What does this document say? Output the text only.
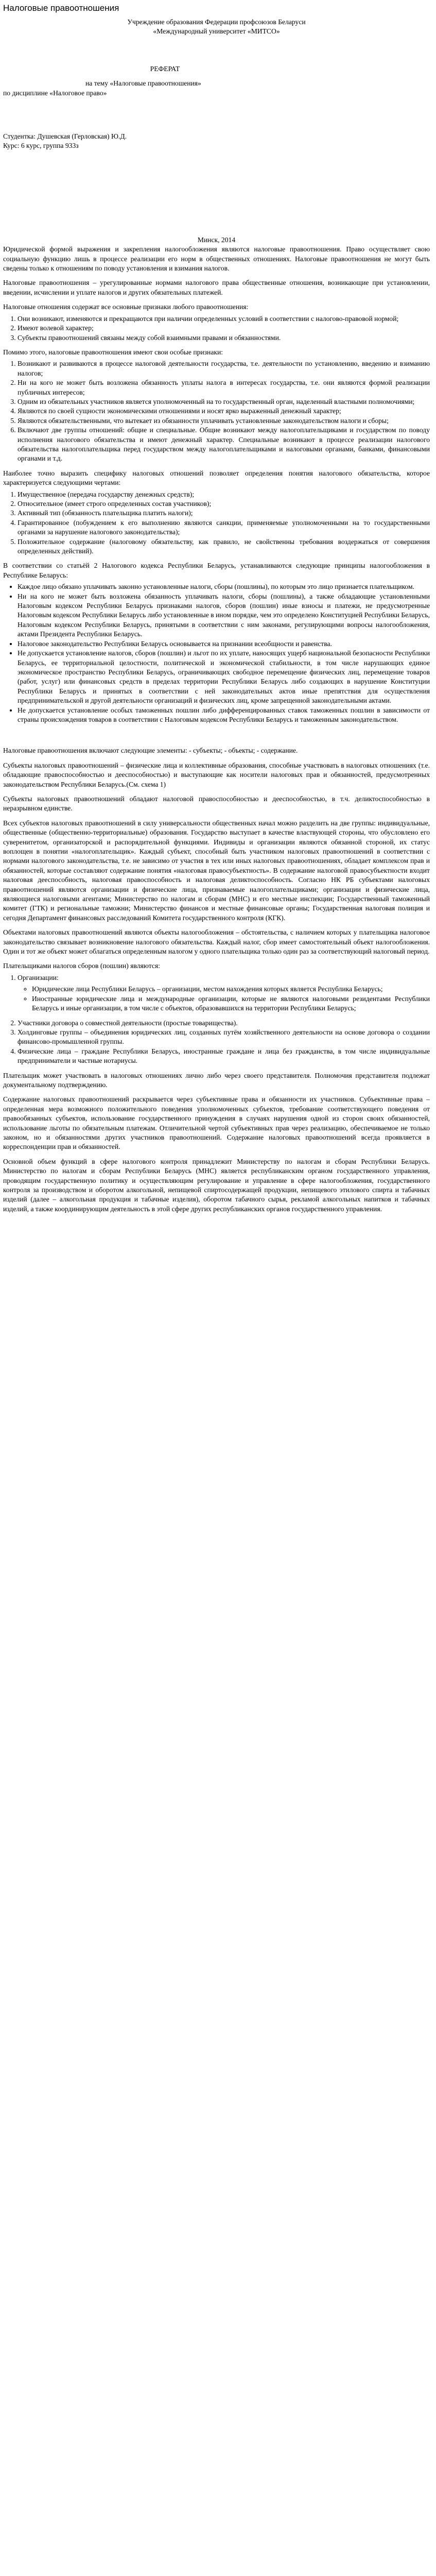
Налоговые правоотношения
Учреждение образования Федерации профсоюзов Беларуси
«Международный университет «МИТСО»
РЕФЕРАТ
на тему «Налоговые правоотношения»
по дисциплине «Налоговое право»
Студентка: Душевская (Герловская) Ю.Д.
Курс: 6 курс, группа 933з
Минск, 2014

Юридической формой выражения и закрепления налогообложения являются налоговые правоотношения. Право осуществляет свою социальную функцию лишь в процессе реализации его норм в общественных отношениях. Налоговые правоотношения не могут быть сведены только к отношениям по поводу установления и взимания налогов.

Налоговые правоотношения – урегулированные нормами налогового права общественные отношения, возникающие при установлении, введении, исчислении и уплате налогов и других обязательных платежей.

Налоговые отношения содержат все основные признаки любого правоотношения:

1. Они возникают, изменяются и прекращаются при наличии определенных условий в соответствии с налогово-правовой нормой;
2. Имеют волевой характер;
3. Субъекты правоотношений связаны между собой взаимными правами и обязанностями.

Помимо этого, налоговые правоотношения имеют свои особые признаки:

1. Возникают и развиваются в процессе налоговой деятельности государства, т.е. деятельности по установлению, введению и взиманию налогов;
2. Ни на кого не может быть возложена обязанность уплаты налога в интересах государства, т.е. они являются формой реализации публичных интересов;
3. Одним из обязательных участников является уполномоченный на то государственный орган, наделенный властными полномочиями;
4. Являются по своей сущности экономическими отношениями и носят ярко выраженный денежный характер;
5. Являются обязательственными, что вытекает из обязанности уплачивать установленные законодательством налоги и сборы;
6. Включают две группы отношений: общие и специальные. Общие возникают между налогоплательщиками и государством по поводу исполнения налогового обязательства и имеют денежный характер. Специальные возникают в процессе реализации налогового обязательства налогоплательщика перед государством между налогоплательщиками и налоговыми органами, банками, финансовыми органами и т.д.

Наиболее точно выразить специфику налоговых отношений позволяет определения понятия налогового обязательства, которое характеризуется следующими чертами:

1. Имущественное (передача государству денежных средств);
2. Относительное (имеет строго определенных состав участников);
3. Активный тип (обязанность плательщика платить налоги);
4. Гарантированное (побуждением к его выполнению являются санкции, применяемые уполномоченными на то государственными органами за нарушение налогового законодательства);
5. Положительное содержание (налоговому обязательству, как правило, не свойственны требования воздержаться от совершения определенных действий).

В соответствии со статьёй 2 Налогового кодекса Республики Беларусь, устанавливаются следующие принципы налогообложения в Республике Беларусь:

• Каждое лицо обязано уплачивать законно установленные налоги, сборы (пошлины), по которым это лицо признается плательщиком.
• Ни на кого не может быть возложена обязанность уплачивать налоги, сборы (пошлины), а также обладающие установленными Налоговым кодексом Республики Беларусь признаками налогов, сборов (пошлин) иные взносы и платежи, не предусмотренные Налоговым кодексом Республики Беларусь либо установленные в ином порядке, чем это определено Конституцией Республики Беларусь, Налоговым кодексом Республики Беларусь, принятыми в соответствии с ним законами, регулирующими вопросы налогообложения, актами Президента Республики Беларусь.
• Налоговое законодательство Республики Беларусь основывается на признании всеобщности и равенства.
• Не допускается установление налогов, сборов (пошлин) и льгот по их уплате, наносящих ущерб национальной безопасности Республики Беларусь, ее территориальной целостности, политической и экономической стабильности, в том числе нарушающих единое экономическое пространство Республики Беларусь, ограничивающих свободное перемещение физических лиц, перемещение товаров (работ, услуг) или финансовых средств в пределах территории Республики Беларусь либо создающих в нарушение Конституции Республики Беларусь и принятых в соответствии с ней законодательных актов иные препятствия для осуществления предпринимательской и другой деятельности организаций и физических лиц, кроме запрещенной законодательными актами.
• Не допускается установление особых таможенных пошлин либо дифференцированных ставок таможенных пошлин в зависимости от страны происхождения товаров в соответствии с Налоговым кодексом Республики Беларусь и таможенным законодательством.

Налоговые правоотношения включают следующие элементы: - субъекты; - объекты; - содержание.

Субъекты налоговых правоотношений – физические лица и коллективные образования, способные участвовать в налоговых отношениях (т.е. обладающие правоспособностью и дееспособностью) и выступающие как носители налоговых прав и обязанностей, предусмотренных законодательством Республики Беларусь.(См. схема 1)

Субъекты налоговых правоотношений обладают налоговой правоспособностью и дееспособностью, в т.ч. деликтоспособностью в неразрывном единстве.

Всех субъектов налоговых правоотношений в силу универсальности общественных начал можно разделить на две группы: индивидуальные, общественные (общественно-территориальные) образования. Государство выступает в качестве властвующей стороны, что обусловлено его суверенитетом, организаторской и распорядительной функциями. Индивиды и организации являются обязанной стороной, их статус воплощен в понятии «налогоплательщик». Каждый субъект, способный быть участником налоговых правоотношений в соответствии с нормами налогового законодательства, т.е. не зависимо от участия в тех или иных налоговых правоотношениях, обладает комплексом прав и обязанностей, которые составляют содержание понятия «налоговая правосубъектность». В содержание налоговой правосубъектности входит налоговая дееспособность, налоговая правоспособность и налоговая деликтоспособность. Согласно НК РБ субъектами налоговых правоотношений являются организации и физические лица, признаваемые налогоплательщиками; организации и физические лица, являющиеся налоговыми агентами; Министерство по налогам и сборам (МНС) и его местные инспекции; Государственный таможенный комитет (ГТК) и региональные таможни; Министерство финансов и местные финансовые органы; Государственная налоговая полиция и сегодня Департамент финансовых расследований Комитета государственного контроля (КГК).

Объектами налоговых правоотношений являются объекты налогообложения – обстоятельства, с наличием которых у плательщика налоговое законодательство связывает возникновение налогового обязательства. Каждый налог, сбор имеет самостоятельный объект налогообложения. Один и тот же объект может облагаться определенным налогом у одного плательщика только один раз за соответствующий налоговый период.

Плательщиками налогов сборов (пошлин) являются:

1. Организации:
◦ Юридические лица Республики Беларусь – организации, местом нахождения которых является Республика Беларусь;
◦ Иностранные юридические лица и международные организации, которые не являются налоговыми резидентами Республики Беларусь и иные организации, в том числе с объектов, образовавшихся на территории Республики Беларусь;
2. Участники договора о совместной деятельности (простые товарищества).
3. Холдинговые группы – объединения юридических лиц, созданных путём хозяйственного деятельности на основе договора о создании финансово-промышленной группы.
4. Физические лица – граждане Республики Беларусь, иностранные граждане и лица без гражданства, в том числе индивидуальные предприниматели и частные нотариусы.

Плательщик может участвовать в налоговых отношениях лично либо через своего представителя. Полномочия представителя подлежат документальному подтверждению.

Содержание налоговых правоотношений раскрывается через субъективные права и обязанности их участников. Субъективные права – определенная мера возможного положительного поведения уполномоченных субъектов, требование соответствующего поведения от правообязанных субъектов, использование государственного принуждения в случаях нарушения одной из сторон своих обязанностей, использование льготы по обязательным платежам. Отличительной чертой субъективных прав через реализацию, обеспечиваемое не только законом, но и обязанностями других участников правоотношений. Содержание налоговых правоотношений всегда проявляется в корреспонденции прав и обязанностей.

Основной объем функций в сфере налогового контроля принадлежит Министерству по налогам и сборам Республики Беларусь. Министерство по налогам и сборам Республики Беларусь (МНС) является республиканским органом государственного управления, проводящим государственную политику и осуществляющим регулирование и управление в сфере налогообложения, государственного контроля за производством и оборотом алкогольной, непищевой спиртосодержащей продукции, непищевого этилового спирта и табачных изделий (далее – алкогольная продукция и табачные изделия), оборотом табачного сырья, рекламой алкогольных напитков и табачных изделий, а также координирующим деятельность в этой сфере других республиканских органов государственного управления.
